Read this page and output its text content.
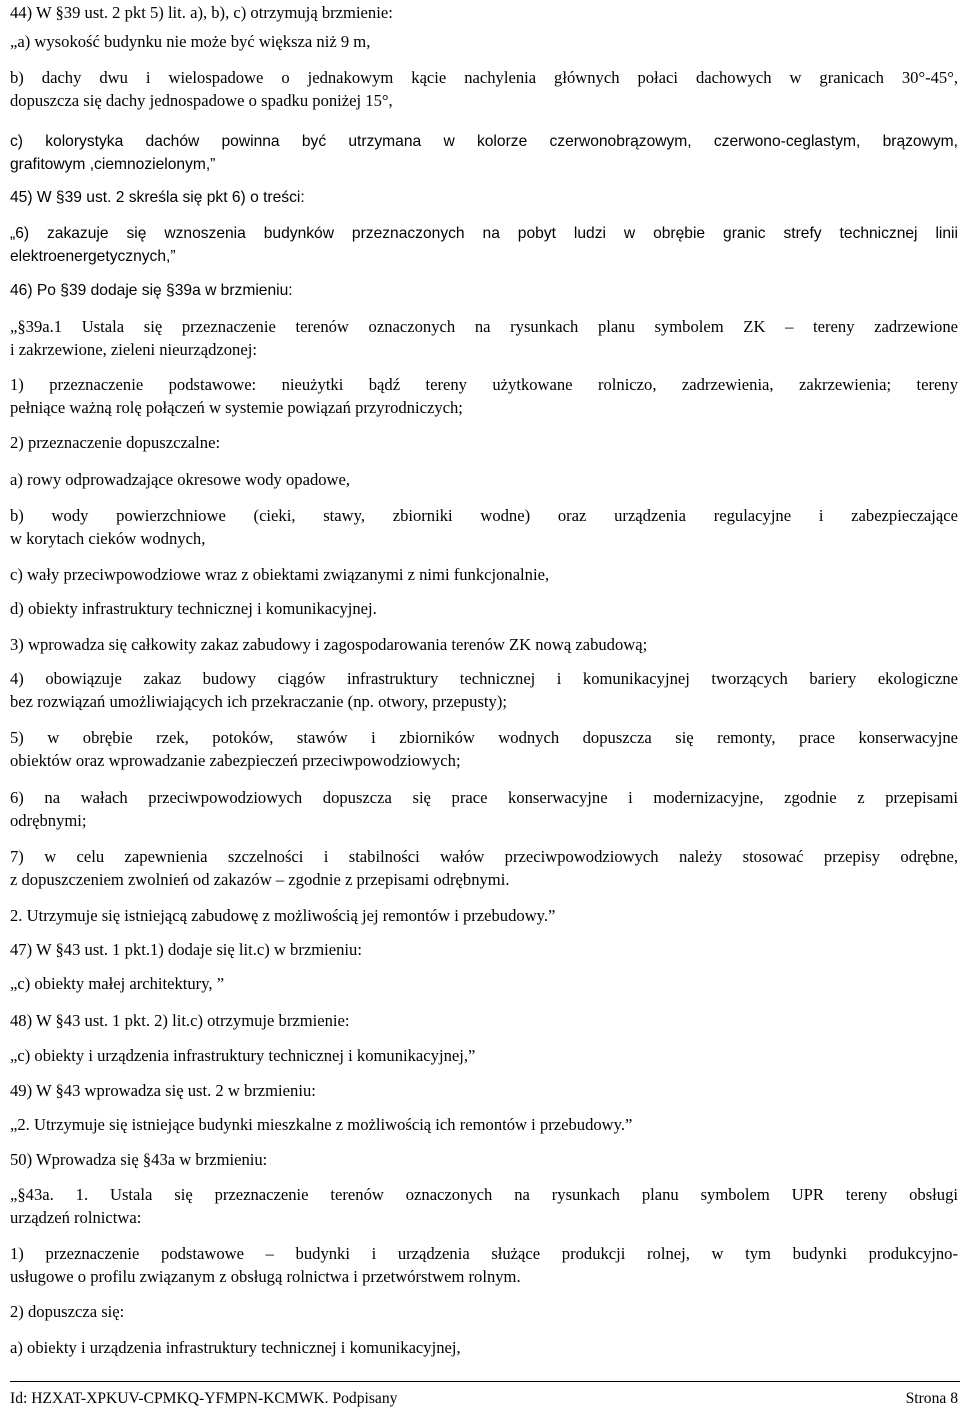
44) W §39 ust. 2 pkt 5) lit. a), b), c) otrzymują brzmienie:

„a) wysokość budynku nie może być większa niż 9 m,

b) dachy dwu i wielospadowe o jednakowym kącie nachylenia głównych połaci dachowych w granicach 30°-45°,
dopuszcza się dachy jednospadowe o spadku poniżej 15°,

c) kolorystyka dachów powinna być utrzymana w kolorze czerwonobrązowym, czerwono-ceglastym, brązowym,
grafitowym ,ciemnozielonym,”

45) W §39 ust. 2 skreśla się pkt 6) o treści:

„6) zakazuje się wznoszenia budynków przeznaczonych na pobyt ludzi w obrębie granic strefy technicznej linii
elektroenergetycznych,”

46) Po §39 dodaje się §39a w brzmieniu:

„§39a.1 Ustala się przeznaczenie terenów oznaczonych na rysunkach planu symbolem ZK – tereny zadrzewione
i zakrzewione, zieleni nieurządzonej:

1) przeznaczenie podstawowe: nieużytki bądź tereny użytkowane rolniczo, zadrzewienia, zakrzewienia; tereny
pełniące ważną rolę połączeń w systemie powiązań przyrodniczych;

2) przeznaczenie dopuszczalne:

a) rowy odprowadzające okresowe wody opadowe,

b) wody powierzchniowe (cieki, stawy, zbiorniki wodne) oraz urządzenia regulacyjne i zabezpieczające
w korytach cieków wodnych,

c) wały przeciwpowodziowe wraz z obiektami związanymi z nimi funkcjonalnie,

d) obiekty infrastruktury technicznej i komunikacyjnej.

3) wprowadza się całkowity zakaz zabudowy i zagospodarowania terenów ZK nową zabudową;

4) obowiązuje zakaz budowy ciągów infrastruktury technicznej i komunikacyjnej tworzących bariery ekologiczne
bez rozwiązań umożliwiających ich przekraczanie (np. otwory, przepusty);

5) w obrębie rzek, potoków, stawów i zbiorników wodnych dopuszcza się remonty, prace konserwacyjne
obiektów oraz wprowadzanie zabezpieczeń przeciwpowodziowych;

6) na wałach przeciwpowodziowych dopuszcza się prace konserwacyjne i modernizacyjne, zgodnie z przepisami
odrębnymi;

7) w celu zapewnienia szczelności i stabilności wałów przeciwpowodziowych należy stosować przepisy odrębne,
z dopuszczeniem zwolnień od zakazów – zgodnie z przepisami odrębnymi.

2. Utrzymuje się istniejącą zabudowę z możliwością jej remontów i przebudowy.”

47) W §43 ust. 1 pkt.1) dodaje się lit.c) w brzmieniu:

„c) obiekty małej architektury, ”

48) W §43 ust. 1 pkt. 2) lit.c) otrzymuje brzmienie:

„c) obiekty i urządzenia infrastruktury technicznej i komunikacyjnej,”

49) W §43 wprowadza się ust. 2 w brzmieniu:

„2. Utrzymuje się istniejące budynki mieszkalne z możliwością ich remontów i przebudowy.”

50) Wprowadza się §43a w brzmieniu:

„§43a. 1. Ustala się przeznaczenie terenów oznaczonych na rysunkach planu symbolem UPR tereny obsługi
urządzeń rolnictwa:

1) przeznaczenie podstawowe – budynki i urządzenia służące produkcji rolnej, w tym budynki produkcyjno-
usługowe o profilu związanym z obsługą rolnictwa i przetwórstwem rolnym.

2) dopuszcza się:

a) obiekty i urządzenia infrastruktury technicznej i komunikacyjnej,

Id: HZXAT-XPKUV-CPMKQ-YFMPN-KCMWK. Podpisany	Strona 8
